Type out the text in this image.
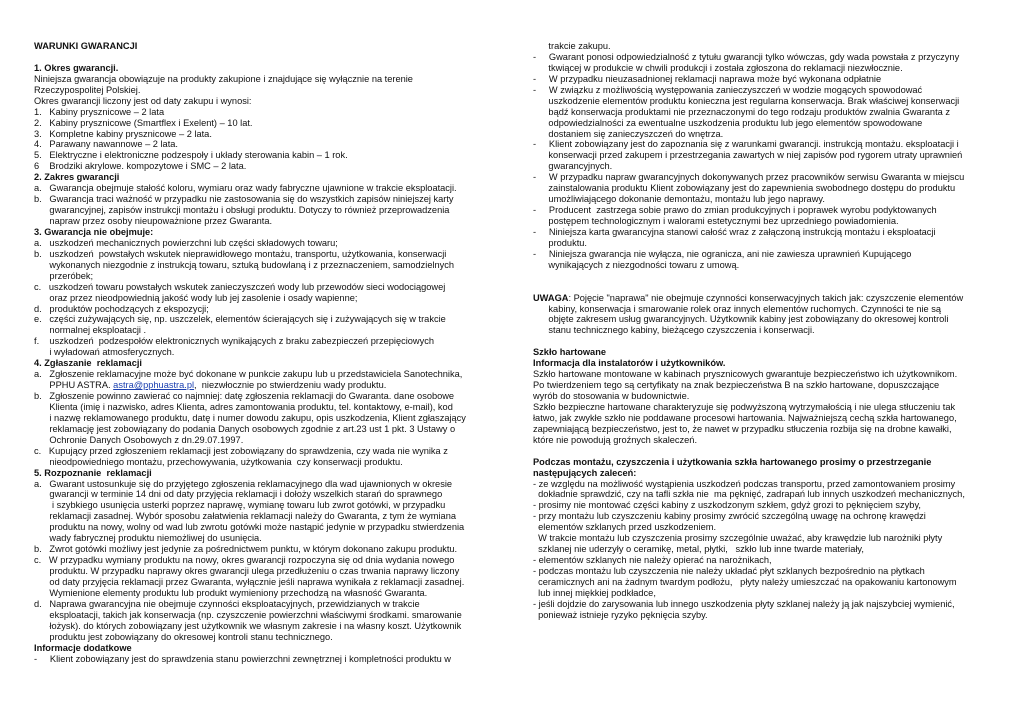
WARUNKI GWARANCJI
1. Okres gwarancji.
Niniejsza gwarancja obowiązuje na produkty zakupione i znajdujące się wyłącznie na terenie
Rzeczypospolitej Polskiej.
Okres gwarancji liczony jest od daty zakupu i wynosi:
1.   Kabiny prysznicowe – 2 lata
2.   Kabiny prysznicowe (Smartflex i Exelent) – 10 lat.
3.   Kompletne kabiny prysznicowe – 2 lata.
4.   Parawany nawannowe – 2 lata.
5.   Elektryczne i elektroniczne podzespoły i układy sterowania kabin – 1 rok.
6    Brodziki akrylowe. kompozytowe i SMC – 2 lata.
2. Zakres gwarancji
a.   Gwarancja obejmuje stałość koloru, wymiaru oraz wady fabryczne ujawnione w trakcie eksploatacji.
b.   Gwarancja traci ważność w przypadku nie zastosowania się do wszystkich zapisów niniejszej karty
gwarancyjnej, zapisów instrukcji montażu i obsługi produktu. Dotyczy to również przeprowadzenia
napraw przez osoby nieupoważnione przez Gwaranta.
3. Gwarancja nie obejmuje:
a.   uszkodzeń mechanicznych powierzchni lub części składowych towaru;
b.   uszkodzeń  powstałych wskutek nieprawidłowego montażu, transportu, użytkowania, konserwacji
wykonanych niezgodnie z instrukcją towaru, sztuką budowlaną i z przeznaczeniem, samodzielnych
przeróbek;
c.   uszkodzeń towaru powstałych wskutek zanieczyszczeń wody lub przewodów sieci wodociągowej
oraz przez nieodpowiednią jakość wody lub jej zasolenie i osady wapienne;
d.   produktów pochodzących z ekspozycji;
e.   części zużywających się, np. uszczelek, elementów ścierających się i zużywających się w trakcie
normalnej eksploatacji .
f.    uszkodzeń  podzespołów elektronicznych wynikających z braku zabezpieczeń przepięciowych
i wyładowań atmosferycznych.
4. Zgłaszanie  reklamacji
a.   Zgłoszenie reklamacyjne może być dokonane w punkcie zakupu lub u przedstawiciela Sanotechnika,
PPHU ASTRA. astra@pphuastra.pl,  niezwłocznie po stwierdzeniu wady produktu.
b.   Zgłoszenie powinno zawierać co najmniej: datę zgłoszenia reklamacji do Gwaranta. dane osobowe
Klienta (imię i nazwisko, adres Klienta, adres zamontowania produktu, tel. kontaktowy, e-mail), kod
i nazwę reklamowanego produktu, datę i numer dowodu zakupu, opis uszkodzenia, Klient zgłaszający
reklamację jest zobowiązany do podania Danych osobowych zgodnie z art.23 ust 1 pkt. 3 Ustawy o
Ochronie Danych Osobowych z dn.29.07.1997.
c.   Kupujący przed zgłoszeniem reklamacji jest zobowiązany do sprawdzenia, czy wada nie wynika z
nieodpowiedniego montażu, przechowywania, użytkowania  czy konserwacji produktu.
5. Rozpoznanie  reklamacji
a.   Gwarant ustosunkuje się do przyjętego zgłoszenia reklamacyjnego dla wad ujawnionych w okresie
gwarancji w terminie 14 dni od daty przyjęcia reklamacji i dołoży wszelkich starań do sprawnego
i szybkiego usunięcia usterki poprzez naprawę, wymianę towaru lub zwrot gotówki, w przypadku
reklamacji zasadnej. Wybór sposobu załatwienia reklamacji należy do Gwaranta, z tym że wymiana
produktu na nowy, wolny od wad lub zwrotu gotówki może nastąpić jedynie w przypadku stwierdzenia
wady fabrycznej produktu niemożliwej do usunięcia.
b.   Zwrot gotówki możliwy jest jedynie za pośrednictwem punktu, w którym dokonano zakupu produktu.
c.   W przypadku wymiany produktu na nowy, okres gwarancji rozpoczyna się od dnia wydania nowego
produktu. W przypadku naprawy okres gwarancji ulega przedłużeniu o czas trwania naprawy liczony
od daty przyjęcia reklamacji przez Gwaranta, wyłącznie jeśli naprawa wynikała z reklamacji zasadnej.
Wymienione elementy produktu lub produkt wymieniony przechodzą na własność Gwaranta.
d.   Naprawa gwarancyjna nie obejmuje czynności eksploatacyjnych, przewidzianych w trakcie
eksploatacji, takich jak konserwacja (np. czyszczenie powierzchni właściwymi środkami. smarowanie
łożysk). do których zobowiązany jest użytkownik we własnym zakresie i na własny koszt. Użytkownik
produktu jest zobowiązany do okresowej kontroli stanu technicznego.
Informacje dodatkowe
-     Klient zobowiązany jest do sprawdzenia stanu powierzchni zewnętrznej i kompletności produktu w
trakcie zakupu.
-     Gwarant ponosi odpowiedzialność z tytułu gwarancji tylko wówczas, gdy wada powstała z przyczyny
tkwiącej w produkcie w chwili produkcji i została zgłoszona do reklamacji niezwłocznie.
-     W przypadku nieuzasadnionej reklamacji naprawa może być wykonana odpłatnie
-     W związku z możliwością występowania zanieczyszczeń w wodzie mogących spowodować
uszkodzenie elementów produktu konieczna jest regularna konserwacja. Brak właściwej konserwacji
bądź konserwacja produktami nie przeznaczonymi do tego rodzaju produktów zwalnia Gwaranta z
odpowiedzialności za ewentualne uszkodzenia produktu lub jego elementów spowodowane
dostaniem się zanieczyszczeń do wnętrza.
-     Klient zobowiązany jest do zapoznania się z warunkami gwarancji. instrukcją montażu. eksploatacji i
konserwacji przed zakupem i przestrzegania zawartych w niej zapisów pod rygorem utraty uprawnień
gwarancyjnych.
-     W przypadku napraw gwarancyjnych dokonywanych przez pracowników serwisu Gwaranta w miejscu
zainstalowania produktu Klient zobowiązany jest do zapewnienia swobodnego dostępu do produktu
umożliwiającego dokonanie demontażu, montażu lub jego naprawy.
-     Producent  zastrzega sobie prawo do zmian produkcyjnych i poprawek wyrobu podyktowanych
postępem technologicznym i walorami estetycznymi bez uprzedniego powiadomienia.
-     Niniejsza karta gwarancyjna stanowi całość wraz z załączoną instrukcją montażu i eksploatacji
produktu.
-     Niniejsza gwarancja nie wyłącza, nie ogranicza, ani nie zawiesza uprawnień Kupującego
wynikających z niezgodności towaru z umową.
UWAGA: Pojęcie "naprawa" nie obejmuje czynności konserwacyjnych takich jak: czyszczenie elementów
kabiny, konserwacja i smarowanie rolek oraz innych elementów ruchomych. Czynności te nie są
objęte zakresem usług gwarancyjnych. Użytkownik kabiny jest zobowiązany do okresowej kontroli
stanu technicznego kabiny, bieżącego czyszczenia i konserwacji.
Szkło hartowane
Informacja dla instalatorów i użytkowników.
Szkło hartowane montowane w kabinach prysznicowych gwarantuje bezpieczeństwo ich użytkownikom.
Po twierdzeniem tego są certyfikaty na znak bezpieczeństwa B na szkło hartowane, dopuszczające
wyrób do stosowania w budownictwie.
Szkło bezpieczne hartowane charakteryzuje się podwyższoną wytrzymałością i nie ulega stłuczeniu tak
łatwo, jak zwykłe szkło nie poddawane procesowi hartowania. Najważniejszą cechą szkła hartowanego,
zapewniającą bezpieczeństwo, jest to, że nawet w przypadku stłuczenia rozbija się na drobne kawałki,
które nie powodują groźnych skaleczeń.
Podczas montażu, czyszczenia i użytkowania szkła hartowanego prosimy o przestrzeganie
następujących zaleceń:
- ze względu na możliwość wystąpienia uszkodzeń podczas transportu, przed zamontowaniem prosimy
dokładnie sprawdzić, czy na tafli szkła nie  ma pęknięć, zadrapań lub innych uszkodzeń mechanicznych,
- prosimy nie montować części kabiny z uszkodzonym szkłem, gdyż grozi to pęknięciem szyby,
- przy montażu lub czyszczeniu kabiny prosimy zwrócić szczególną uwagę na ochronę krawędzi
elementów szklanych przed uszkodzeniem.
W trakcie montażu lub czyszczenia prosimy szczególnie uważać, aby krawędzie lub narożniki płyty
szklanej nie uderzyły o ceramikę, metal, płytki,   szkło lub inne twarde materiały,
- elementów szklanych nie należy opierać na narożnikach,
- podczas montażu lub czyszczenia nie należy układać płyt szklanych bezpośrednio na płytkach
ceramicznych ani na żadnym twardym podłożu,   płyty należy umieszczać na opakowaniu kartonowym
lub innej miękkiej podkładce,
- jeśli dojdzie do zarysowania lub innego uszkodzenia płyty szklanej należy ją jak najszybciej wymienić,
ponieważ istnieje ryzyko pęknięcia szyby.
